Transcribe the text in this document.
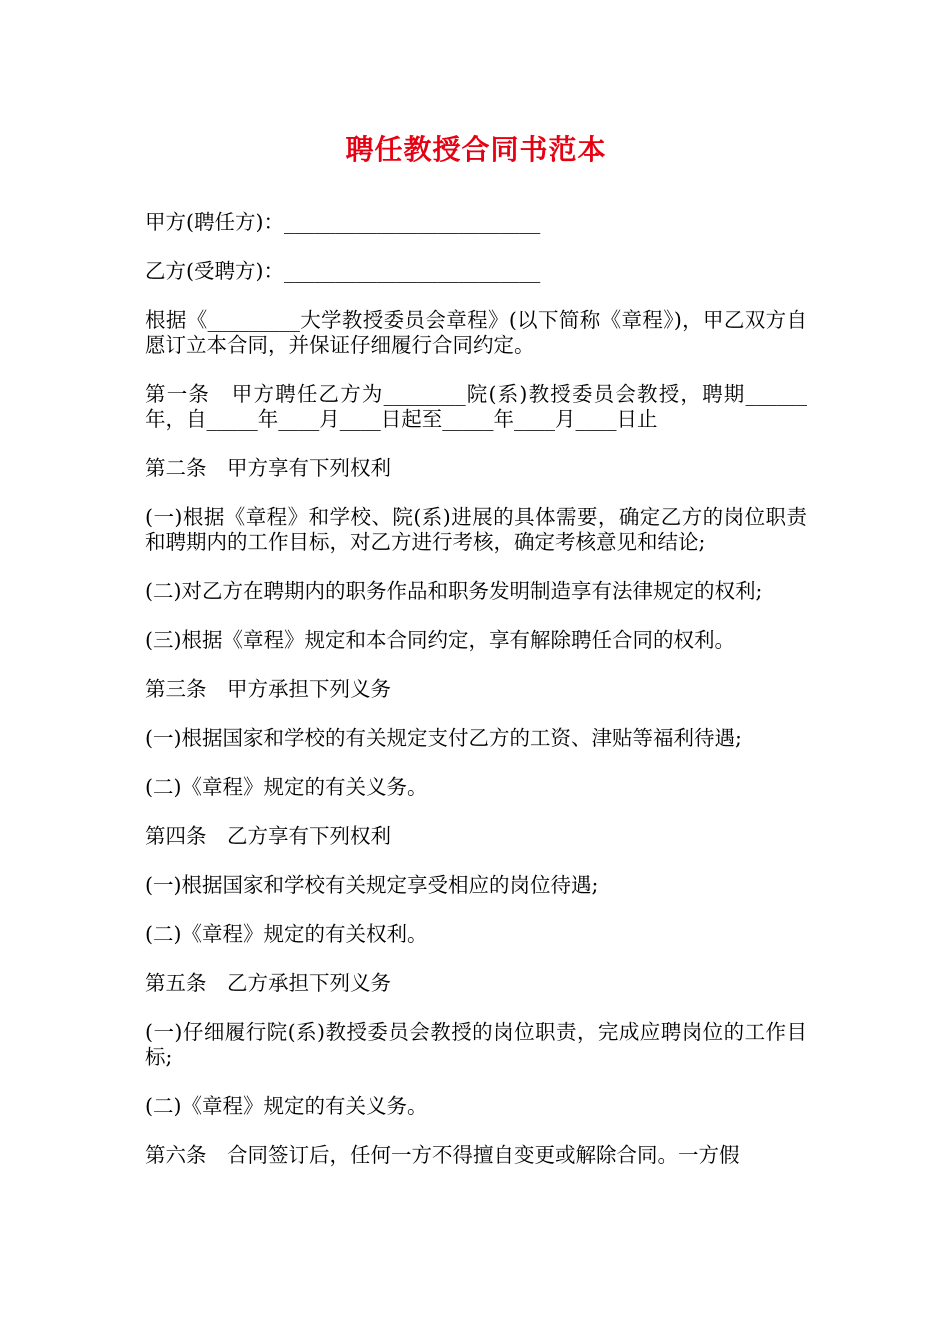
聘任教授合同书范本

甲方(聘任方)：_________________________

乙方(受聘方)：_________________________

根据《_________大学教授委员会章程》(以下简称《章程》)，甲乙双方自愿订立本合同，并保证仔细履行合同约定。

第一条　甲方聘任乙方为________院(系)教授委员会教授，聘期______年，自_____年____月____日起至_____年____月____日止

第二条　甲方享有下列权利

(一)根据《章程》和学校、院(系)进展的具体需要，确定乙方的岗位职责和聘期内的工作目标，对乙方进行考核，确定考核意见和结论;

(二)对乙方在聘期内的职务作品和职务发明制造享有法律规定的权利;

(三)根据《章程》规定和本合同约定，享有解除聘任合同的权利。

第三条　甲方承担下列义务

(一)根据国家和学校的有关规定支付乙方的工资、津贴等福利待遇;

(二)《章程》规定的有关义务。

第四条　乙方享有下列权利

(一)根据国家和学校有关规定享受相应的岗位待遇;

(二)《章程》规定的有关权利。

第五条　乙方承担下列义务

(一)仔细履行院(系)教授委员会教授的岗位职责，完成应聘岗位的工作目标;

(二)《章程》规定的有关义务。

第六条　合同签订后，任何一方不得擅自变更或解除合同。一方假
